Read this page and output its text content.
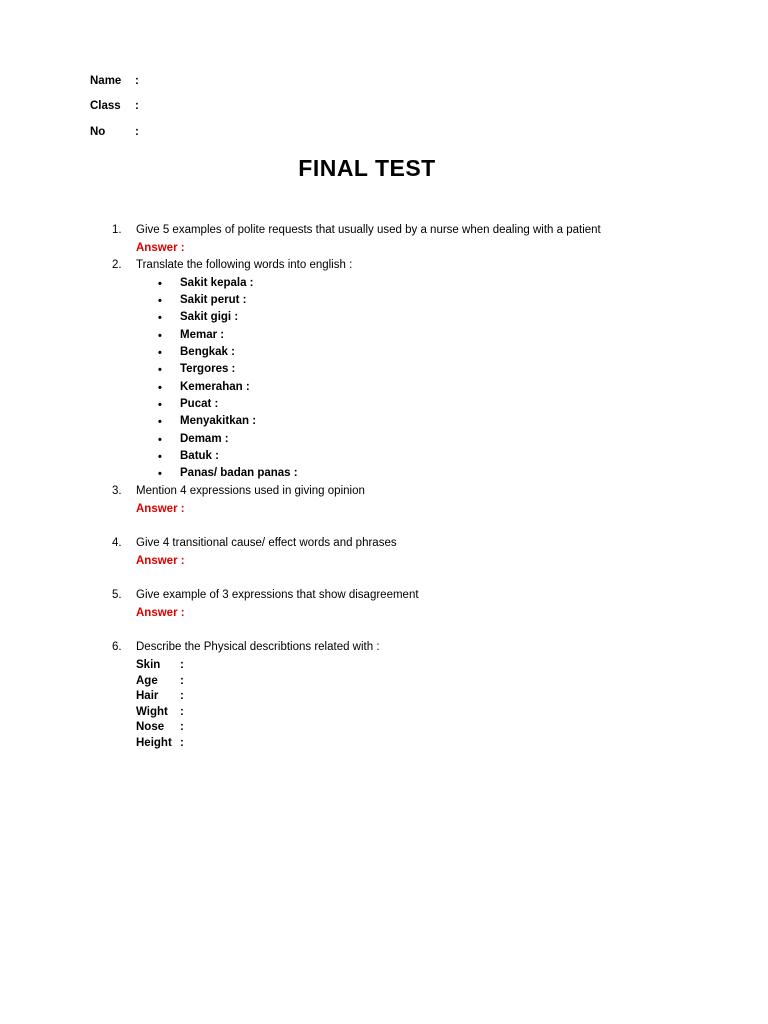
Name :
Class :
No	:
FINAL TEST
1. Give 5 examples of polite requests that usually used by a nurse when dealing with a patient
Answer :
2. Translate the following words into english :
• Sakit kepala :
• Sakit perut :
• Sakit gigi :
• Memar :
• Bengkak :
• Tergores :
• Kemerahan :
• Pucat :
• Menyakitkan :
• Demam :
• Batuk :
• Panas/ badan panas :
3. Mention 4 expressions used in giving opinion
Answer :
4. Give 4 transitional cause/ effect words and phrases
Answer :
5. Give example of 3 expressions that show disagreement
Answer :
6. Describe the Physical describtions related with :
Skin :
Age :
Hair :
Wight :
Nose :
Height :
